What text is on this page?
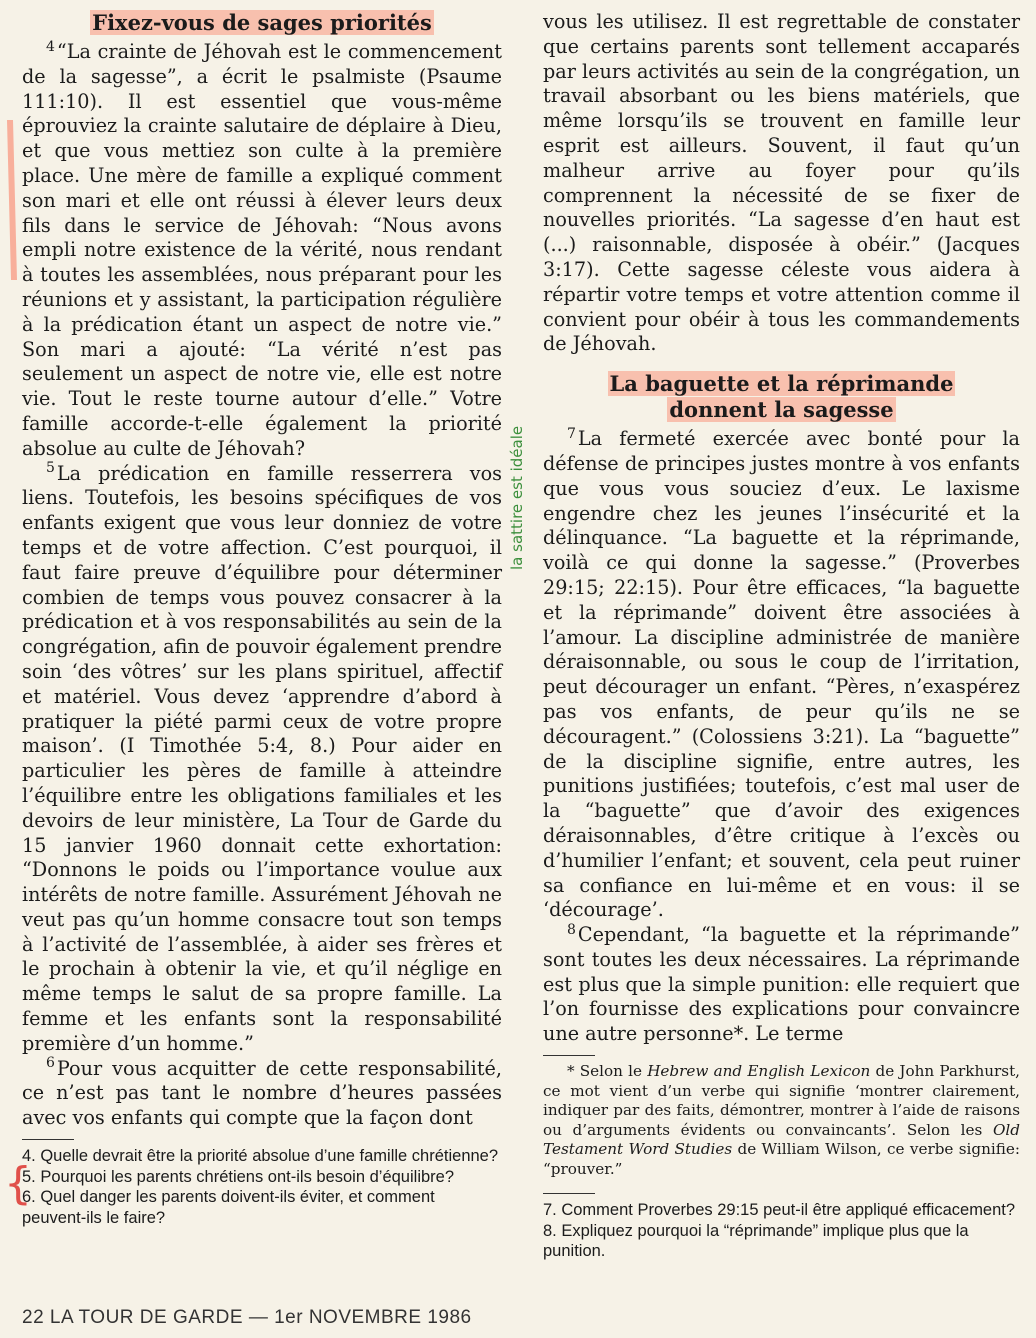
Fixez-vous de sages priorités

$^4$ “La crainte de Jéhovah est le commencement de la sagesse”, a écrit le psalmiste (Psaume 111:10). Il est essentiel que vous-même éprouviez la crainte salutaire de déplaire à Dieu, et que vous mettiez son culte à la première place. Une mère de famille a expliqué comment son mari et elle ont réussi à élever leurs deux fils dans le service de Jéhovah: “Nous avons empli notre existence de la vérité, nous rendant à toutes les assemblées, nous préparant pour les réunions et y assistant, la participation régulière à la prédication étant un aspect de notre vie.” Son mari a ajouté: “La vérité n’est pas seulement un aspect de notre vie, elle est notre vie. Tout le reste tourne autour d’elle.” Votre famille accorde-t-elle également la priorité absolue au culte de Jéhovah?

$^5$ La prédication en famille resserrera vos liens. Toutefois, les besoins spécifiques de vos enfants exigent que vous leur donniez de votre temps et de votre affection. C’est pourquoi, il faut faire preuve d’équilibre pour déterminer combien de temps vous pouvez consacrer à la prédication et à vos responsabilités au sein de la congrégation, afin de pouvoir également prendre soin ‘des vôtres’ sur les plans spirituel, affectif et matériel. Vous devez ‘apprendre d’abord à pratiquer la piété parmi ceux de votre propre maison’. (I Timothée 5:4, 8.) Pour aider en particulier les pères de famille à atteindre l’équilibre entre les obligations familiales et les devoirs de leur ministère, La Tour de Garde du 15 janvier 1960 donnait cette exhortation: “Donnons le poids ou l’importance voulue aux intérêts de notre famille. Assurément Jéhovah ne veut pas qu’un homme consacre tout son temps à l’activité de l’assemblée, à aider ses frères et le prochain à obtenir la vie, et qu’il néglige en même temps le salut de sa propre famille. La femme et les enfants sont la responsabilité première d’un homme.”

$^6$ Pour vous acquitter de cette responsabilité, ce n’est pas tant le nombre d’heures passées avec vos enfants qui compte que la façon dont

4. Quelle devrait être la priorité absolue d’une famille chrétienne?

5. Pourquoi les parents chrétiens ont-ils besoin d’équilibre?

6. Quel danger les parents doivent-ils éviter, et comment peuvent-ils le faire?

vous les utilisez. Il est regrettable de constater que certains parents sont tellement accaparés par leurs activités au sein de la congrégation, un travail absorbant ou les biens matériels, que même lorsqu’ils se trouvent en famille leur esprit est ailleurs. Souvent, il faut qu’un malheur arrive au foyer pour qu’ils comprennent la nécessité de se fixer de nouvelles priorités. “La sagesse d’en haut est (...) raisonnable, disposée à obéir.” (Jacques 3:17). Cette sagesse céleste vous aidera à répartir votre temps et votre attention comme il convient pour obéir à tous les commandements de Jéhovah.

La baguette et la réprimande
donnent la sagesse

$^7$ La fermeté exercée avec bonté pour la défense de principes justes montre à vos enfants que vous vous souciez d’eux. Le laxisme engendre chez les jeunes l’insécurité et la délinquance. “La baguette et la réprimande, voilà ce qui donne la sagesse.” (Proverbes 29:15; 22:15). Pour être efficaces, “la baguette et la réprimande” doivent être associées à l’amour. La discipline administrée de manière déraisonnable, ou sous le coup de l’irritation, peut décourager un enfant. “Pères, n’exaspérez pas vos enfants, de peur qu’ils ne se découragent.” (Colossiens 3:21). La “baguette” de la discipline signifie, entre autres, les punitions justifiées; toutefois, c’est mal user de la “baguette” que d’avoir des exigences déraisonnables, d’être critique à l’excès ou d’humilier l’enfant; et souvent, cela peut ruiner sa confiance en lui-même et en vous: il se ‘décourage’.

$^8$ Cependant, “la baguette et la réprimande” sont toutes les deux nécessaires. La réprimande est plus que la simple punition: elle requiert que l’on fournisse des explications pour convaincre une autre personne*. Le terme

* Selon le Hebrew and English Lexicon de John Parkhurst, ce mot vient d’un verbe qui signifie ‘montrer clairement, indiquer par des faits, démontrer, montrer à l’aide de raisons ou d’arguments évidents ou convaincants’. Selon les Old Testament Word Studies de William Wilson, ce verbe signifie: “prouver.”

7. Comment Proverbes 29:15 peut-il être appliqué efficacement?

8. Expliquez pourquoi la “réprimande” implique plus que la punition.

la sattire est idéale
{
22 LA TOUR DE GARDE — 1er NOVEMBRE 1986
